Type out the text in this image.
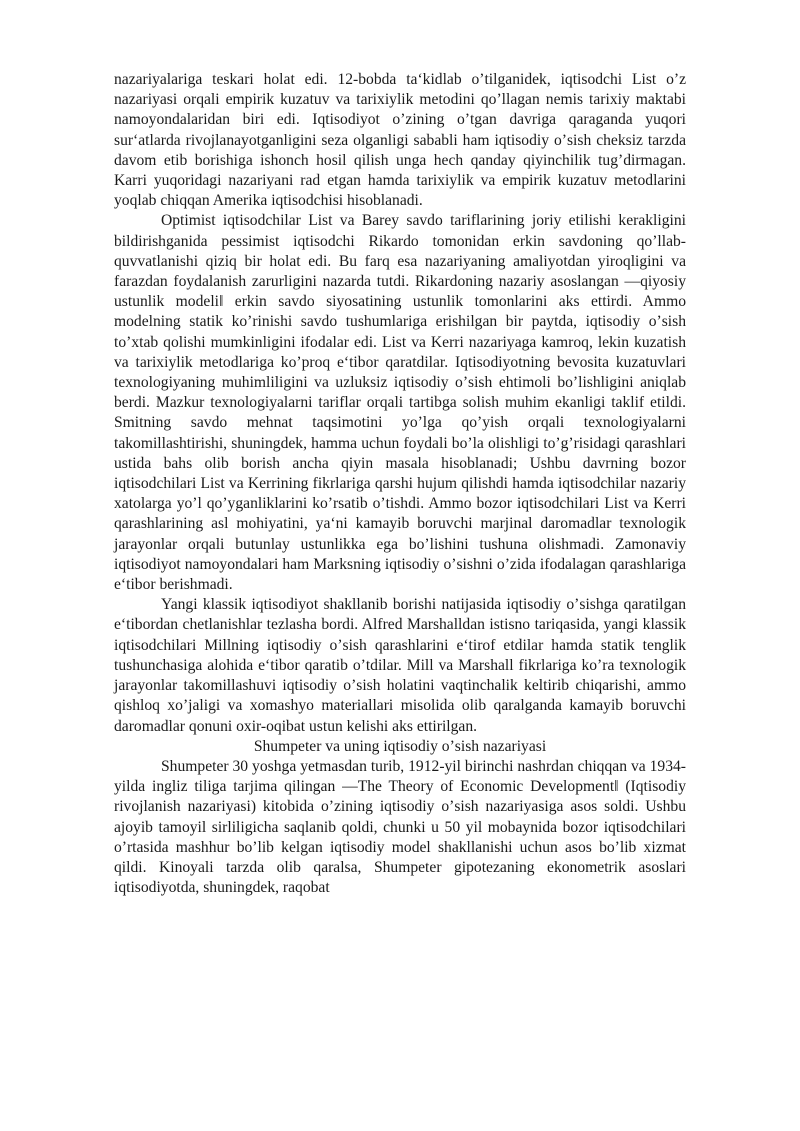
nazariyalariga teskari holat edi. 12-bobda taʻkidlab oʼtilganidek, iqtisodchi List oʼz nazariyasi orqali empirik kuzatuv va tarixiylik metodini qoʼllagan nemis tarixiy maktabi namoyondalaridan biri edi. Iqtisodiyot oʼzining oʼtgan davriga qaraganda yuqori surʻatlarda rivojlanayotganligini seza olganligi sababli ham iqtisodiy oʼsish cheksiz tarzda davom etib borishiga ishonch hosil qilish unga hech qanday qiyinchilik tugʼdirmagan. Karri yuqoridagi nazariyani rad etgan hamda tarixiylik va empirik kuzatuv metodlarini yoqlab chiqqan Amerika iqtisodchisi hisoblanadi.

Optimist iqtisodchilar List va Barey savdo tariflarining joriy etilishi kerakligini bildirishganida pessimist iqtisodchi Rikardo tomonidan erkin savdoning qoʼllab-quvvatlanishi qiziq bir holat edi. Bu farq esa nazariyaning amaliyotdan yiroqligini va farazdan foydalanish zarurligini nazarda tutdi. Rikardoning nazariy asoslangan ―qiyosiy ustunlik modeli‖ erkin savdo siyosatining ustunlik tomonlarini aks ettirdi. Ammo modelning statik koʼrinishi savdo tushumlariga erishilgan bir paytda, iqtisodiy oʼsish toʼxtab qolishi mumkinligini ifodalar edi. List va Kerri nazariyaga kamroq, lekin kuzatish va tarixiylik metodlariga koʼproq eʻtibor qaratdilar. Iqtisodiyotning bevosita kuzatuvlari texnologiyaning muhimliligini va uzluksiz iqtisodiy oʼsish ehtimoli boʼlishligini aniqlab berdi. Mazkur texnologiyalarni tariflar orqali tartibga solish muhim ekanligi taklif etildi. Smitning savdo mehnat taqsimotini yoʼlga qoʼyish orqali texnologiyalarni takomillashtirishi, shuningdek, hamma uchun foydali boʼla olishligi toʼgʼrisidagi qarashlari ustida bahs olib borish ancha qiyin masala hisoblanadi; Ushbu davrning bozor iqtisodchilari List va Kerrining fikrlariga qarshi hujum qilishdi hamda iqtisodchilar nazariy xatolarga yoʼl qoʼyganliklarini koʼrsatib oʼtishdi. Ammo bozor iqtisodchilari List va Kerri qarashlarining asl mohiyatini, yaʻni kamayib boruvchi marjinal daromadlar texnologik jarayonlar orqali butunlay ustunlikka ega boʼlishini tushuna olishmadi. Zamonaviy iqtisodiyot namoyondalari ham Marksning iqtisodiy oʼsishni oʼzida ifodalagan qarashlariga eʻtibor berishmadi.

Yangi klassik iqtisodiyot shakllanib borishi natijasida iqtisodiy oʼsishga qaratilgan eʻtibordan chetlanishlar tezlasha bordi. Alfred Marshalldan istisno tariqasida, yangi klassik iqtisodchilari Millning iqtisodiy oʼsish qarashlarini eʻtirof etdilar hamda statik tenglik tushunchasiga alohida eʻtibor qaratib oʼtdilar. Mill va Marshall fikrlariga koʼra texnologik jarayonlar takomillashuvi iqtisodiy oʼsish holatini vaqtinchalik keltirib chiqarishi, ammo qishloq xoʼjaligi va xomashyo materiallari misolida olib qaralganda kamayib boruvchi daromadlar qonuni oxir-oqibat ustun kelishi aks ettirilgan.

Shumpeter va uning iqtisodiy oʼsish nazariyasi

Shumpeter 30 yoshga yetmasdan turib, 1912-yil birinchi nashrdan chiqqan va 1934-yilda ingliz tiliga tarjima qilingan ―The Theory of Economic Development‖ (Iqtisodiy rivojlanish nazariyasi) kitobida oʼzining iqtisodiy oʼsish nazariyasiga asos soldi. Ushbu ajoyib tamoyil sirliligicha saqlanib qoldi, chunki u 50 yil mobaynida bozor iqtisodchilari oʼrtasida mashhur boʼlib kelgan iqtisodiy model shakllanishi uchun asos boʼlib xizmat qildi. Kinoyali tarzda olib qaralsa, Shumpeter gipotezaning ekonometrik asoslari iqtisodiyotda, shuningdek, raqobat
